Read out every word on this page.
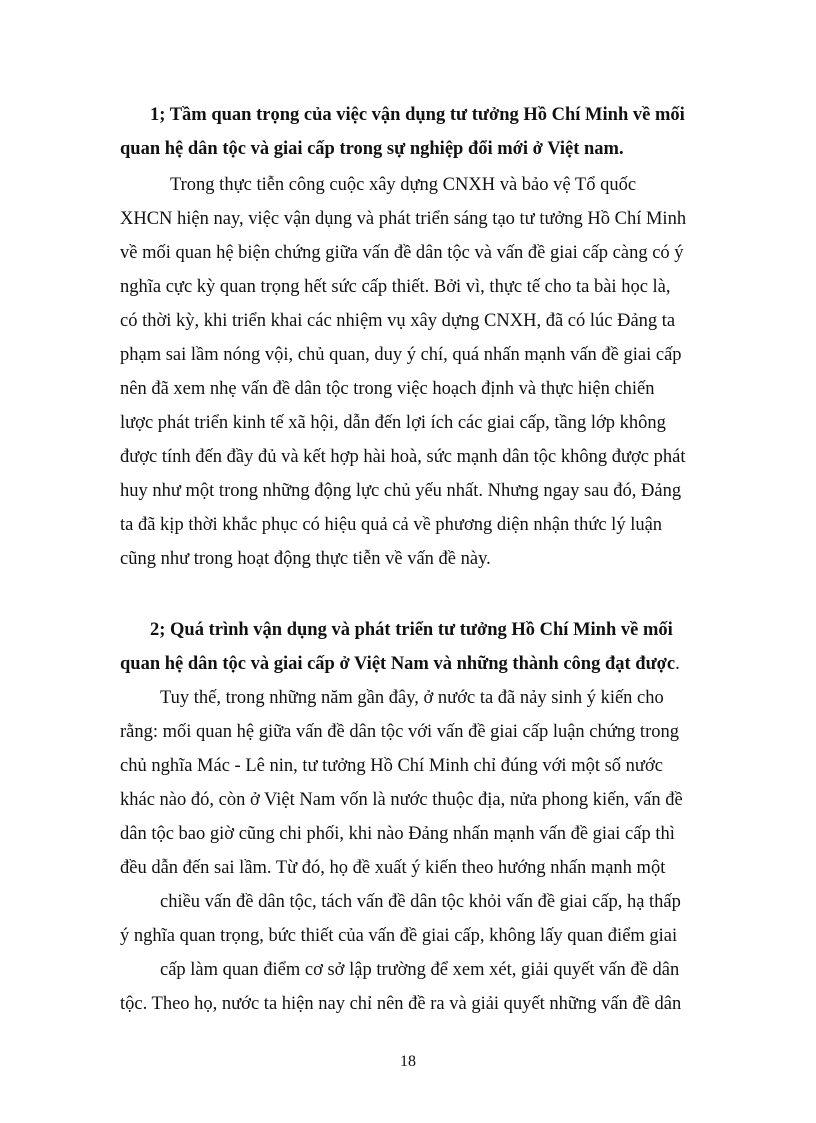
1; Tầm quan trọng của việc vận dụng tư tưởng Hồ Chí Minh về mối
quan hệ dân tộc và giai cấp trong sự nghiệp đổi mới ở Việt nam.
Trong thực tiễn công cuộc xây dựng CNXH và bảo vệ Tổ quốc
XHCN hiện nay, việc vận dụng và phát triển sáng tạo tư tưởng Hồ Chí Minh
về mối quan hệ biện chứng giữa vấn đề dân tộc và vấn đề giai cấp càng có ý
nghĩa cực kỳ quan trọng hết sức cấp thiết. Bởi vì, thực tế cho ta bài học là,
có thời kỳ, khi triển khai các nhiệm vụ xây dựng CNXH, đã có lúc Đảng ta
phạm sai lầm nóng vội, chủ quan, duy ý chí, quá nhấn mạnh vấn đề giai cấp
nên đã xem nhẹ vấn đề dân tộc trong việc hoạch định và thực hiện chiến
lược phát triển kinh tế xã hội, dẫn đến lợi ích các giai cấp, tầng lớp không
được tính đến đầy đủ và kết hợp hài hoà, sức mạnh dân tộc không được phát
huy như một trong những động lực chủ yếu nhất. Nhưng ngay sau đó, Đảng
ta đã kịp thời khắc phục có hiệu quả cả về phương diện nhận thức lý luận
cũng như trong hoạt động thực tiễn về vấn đề này.
2; Quá trình vận dụng và phát triển tư tưởng Hồ Chí Minh về mối
quan hệ dân tộc và giai cấp ở Việt Nam và những thành công đạt được.
Tuy thế, trong những năm gần đây, ở nước ta đã nảy sinh ý kiến cho
rằng: mối quan hệ giữa vấn đề dân tộc với vấn đề giai cấp luận chứng trong
chủ nghĩa Mác - Lê nin, tư tưởng Hồ Chí Minh chỉ đúng với một số nước
khác nào đó, còn ở Việt Nam vốn là nước thuộc địa, nửa phong kiến, vấn đề
dân tộc bao giờ cũng chi phối, khi nào Đảng nhấn mạnh vấn đề giai cấp thì
đều dẫn đến sai lầm. Từ đó, họ đề xuất ý kiến theo hướng nhấn mạnh một
chiều vấn đề dân tộc, tách vấn đề dân tộc khỏi vấn đề giai cấp, hạ thấp
ý nghĩa quan trọng, bức thiết của vấn đề giai cấp, không lấy quan điểm giai
cấp làm quan điểm cơ sở lập trường để xem xét, giải quyết vấn đề dân
tộc. Theo họ, nước ta hiện nay chỉ nên đề ra và giải quyết những vấn đề dân
18
